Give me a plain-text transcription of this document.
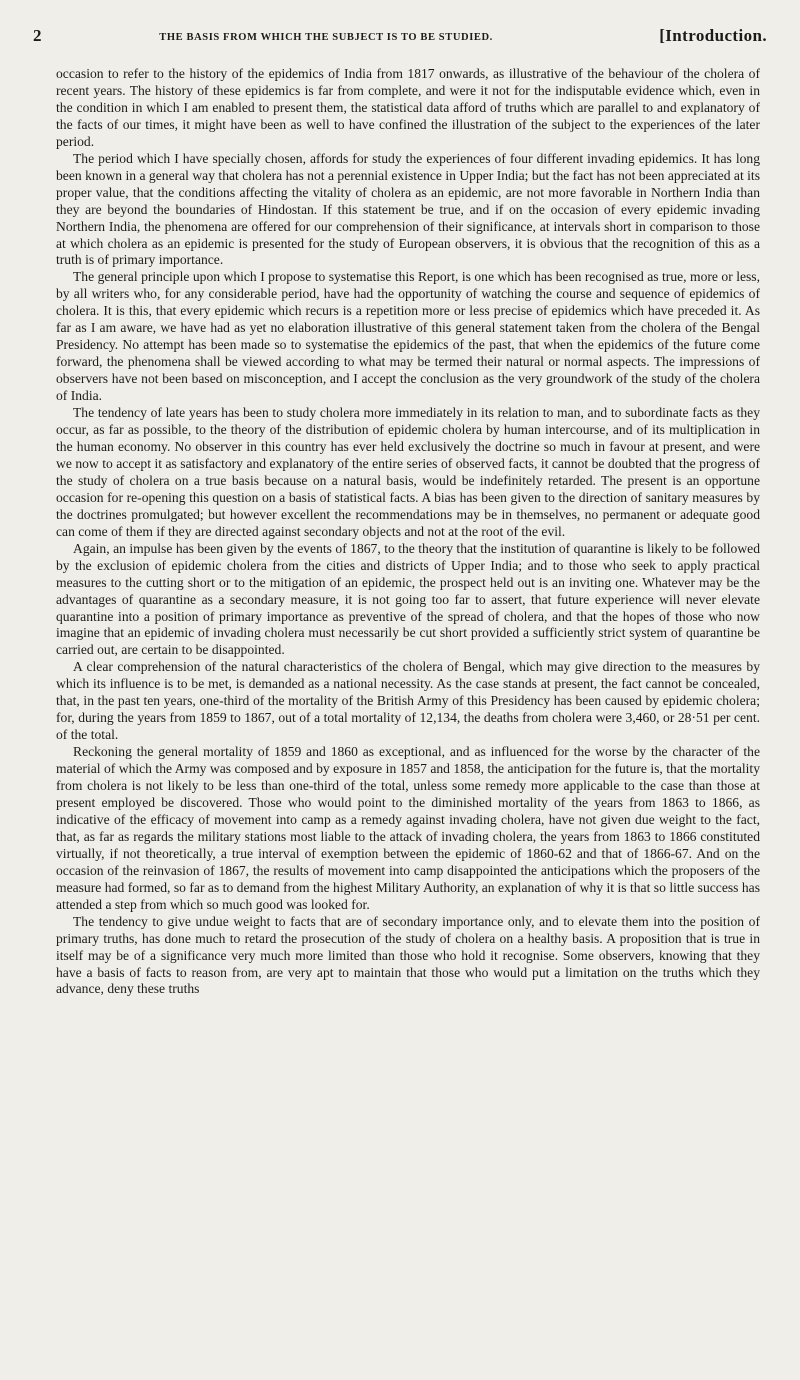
2	THE BASIS FROM WHICH THE SUBJECT IS TO BE STUDIED.	[Introduction.

occasion to refer to the history of the epidemics of India from 1817 onwards, as illustrative of the behaviour of the cholera of recent years. The history of these epidemics is far from complete, and were it not for the indisputable evidence which, even in the condition in which I am enabled to present them, the statistical data afford of truths which are parallel to and explanatory of the facts of our times, it might have been as well to have confined the illustration of the subject to the experiences of the later period.

The period which I have specially chosen, affords for study the experiences of four different invading epidemics. It has long been known in a general way that cholera has not a perennial existence in Upper India; but the fact has not been appreciated at its proper value, that the conditions affecting the vitality of cholera as an epidemic, are not more favorable in Northern India than they are beyond the boundaries of Hindostan. If this statement be true, and if on the occasion of every epidemic invading Northern India, the phenomena are offered for our comprehension of their significance, at intervals short in comparison to those at which cholera as an epidemic is presented for the study of European observers, it is obvious that the recognition of this as a truth is of primary importance.

The general principle upon which I propose to systematise this Report, is one which has been recognised as true, more or less, by all writers who, for any considerable period, have had the opportunity of watching the course and sequence of epidemics of cholera. It is this, that every epidemic which recurs is a repetition more or less precise of epidemics which have preceded it. As far as I am aware, we have had as yet no elaboration illustrative of this general statement taken from the cholera of the Bengal Presidency. No attempt has been made so to systematise the epidemics of the past, that when the epidemics of the future come forward, the phenomena shall be viewed according to what may be termed their natural or normal aspects. The impressions of observers have not been based on misconception, and I accept the conclusion as the very groundwork of the study of the cholera of India.

The tendency of late years has been to study cholera more immediately in its relation to man, and to subordinate facts as they occur, as far as possible, to the theory of the distribution of epidemic cholera by human intercourse, and of its multiplication in the human economy. No observer in this country has ever held exclusively the doctrine so much in favour at present, and were we now to accept it as satisfactory and explanatory of the entire series of observed facts, it cannot be doubted that the progress of the study of cholera on a true basis because on a natural basis, would be indefinitely retarded. The present is an opportune occasion for re-opening this question on a basis of statistical facts. A bias has been given to the direction of sanitary measures by the doctrines promulgated; but however excellent the recommendations may be in themselves, no permanent or adequate good can come of them if they are directed against secondary objects and not at the root of the evil.

Again, an impulse has been given by the events of 1867, to the theory that the institution of quarantine is likely to be followed by the exclusion of epidemic cholera from the cities and districts of Upper India; and to those who seek to apply practical measures to the cutting short or to the mitigation of an epidemic, the prospect held out is an inviting one. Whatever may be the advantages of quarantine as a secondary measure, it is not going too far to assert, that future experience will never elevate quarantine into a position of primary importance as preventive of the spread of cholera, and that the hopes of those who now imagine that an epidemic of invading cholera must necessarily be cut short provided a sufficiently strict system of quarantine be carried out, are certain to be disappointed.

A clear comprehension of the natural characteristics of the cholera of Bengal, which may give direction to the measures by which its influence is to be met, is demanded as a national necessity. As the case stands at present, the fact cannot be concealed, that, in the past ten years, one-third of the mortality of the British Army of this Presidency has been caused by epidemic cholera; for, during the years from 1859 to 1867, out of a total mortality of 12,134, the deaths from cholera were 3,460, or 28·51 per cent. of the total.

Reckoning the general mortality of 1859 and 1860 as exceptional, and as influenced for the worse by the character of the material of which the Army was composed and by exposure in 1857 and 1858, the anticipation for the future is, that the mortality from cholera is not likely to be less than one-third of the total, unless some remedy more applicable to the case than those at present employed be discovered. Those who would point to the diminished mortality of the years from 1863 to 1866, as indicative of the efficacy of movement into camp as a remedy against invading cholera, have not given due weight to the fact, that, as far as regards the military stations most liable to the attack of invading cholera, the years from 1863 to 1866 constituted virtually, if not theoretically, a true interval of exemption between the epidemic of 1860-62 and that of 1866-67. And on the occasion of the reinvasion of 1867, the results of movement into camp disappointed the anticipations which the proposers of the measure had formed, so far as to demand from the highest Military Authority, an explanation of why it is that so little success has attended a step from which so much good was looked for.

The tendency to give undue weight to facts that are of secondary importance only, and to elevate them into the position of primary truths, has done much to retard the prosecution of the study of cholera on a healthy basis. A proposition that is true in itself may be of a significance very much more limited than those who hold it recognise. Some observers, knowing that they have a basis of facts to reason from, are very apt to maintain that those who would put a limitation on the truths which they advance, deny these truths
